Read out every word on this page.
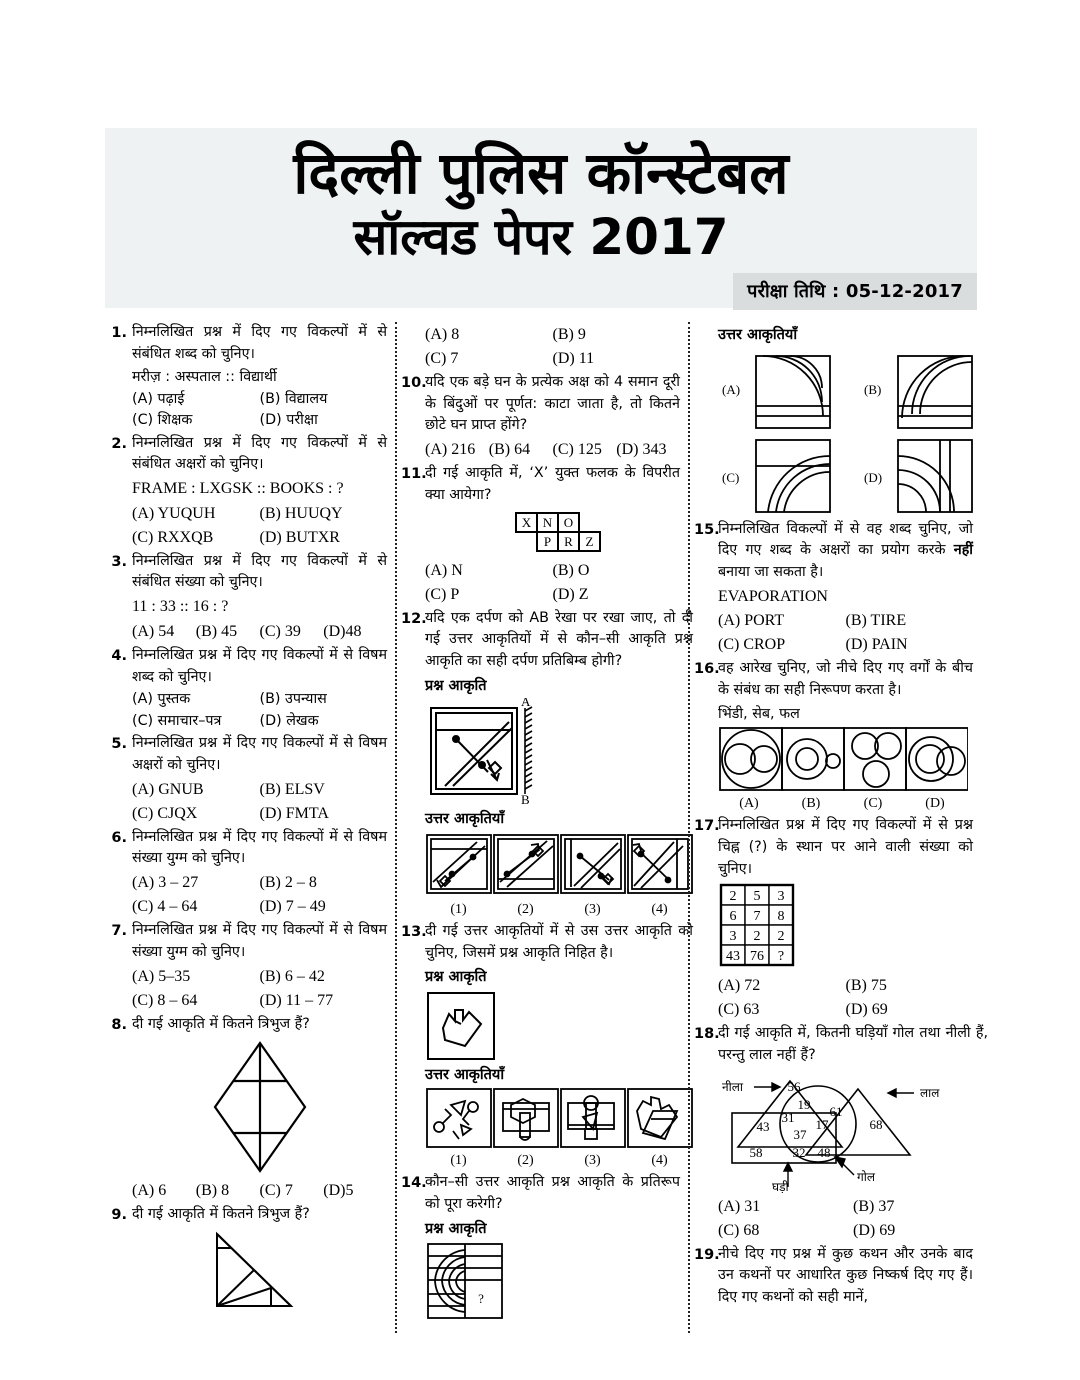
दिल्ली पुलिस कॉन्स्टेबल
सॉल्वड पेपर 2017
परीक्षा तिथि : 05-12-2017
1. निम्नलिखित प्रश्न में दिए गए विकल्पों में से संबंधित शब्द को चुनिए।
मरीज़ : अस्पताल :: विद्यार्थी
(A) पढ़ाई	(B) विद्यालय
(C) शिक्षक	(D) परीक्षा
2. निम्नलिखित प्रश्न में दिए गए विकल्पों में से संबंधित अक्षरों को चुनिए।
FRAME : LXGSK :: BOOKS : ?
(A) YUQUH	(B) HUUQY
(C) RXXQB	(D) BUTXR
3. निम्नलिखित प्रश्न में दिए गए विकल्पों में से संबंधित संख्या को चुनिए।
11 : 33 :: 16 : ?
(A) 54	(B) 45	(C) 39	(D)48
4. निम्नलिखित प्रश्न में दिए गए विकल्पों में से विषम शब्द को चुनिए।
(A) पुस्तक	(B) उपन्यास
(C) समाचार–पत्र	(D) लेखक
5. निम्नलिखित प्रश्न में दिए गए विकल्पों में से विषम अक्षरों को चुनिए।
(A) GNUB	(B) ELSV
(C) CJQX	(D) FMTA
6. निम्नलिखित प्रश्न में दिए गए विकल्पों में से विषम संख्या युग्म को चुनिए।
(A) 3 – 27	(B) 2 – 8
(C) 4 – 64	(D) 7 – 49
7. निम्नलिखित प्रश्न में दिए गए विकल्पों में से विषम संख्या युग्म को चुनिए।
(A) 5–35	(B) 6 – 42
(C) 8 – 64	(D) 11 – 77
8. दी गई आकृति में कितने त्रिभुज हैं?
(A) 6	(B) 8	(C) 7	(D)5
9. दी गई आकृति में कितने त्रिभुज हैं?
(A) 8	(B) 9
(C) 7	(D) 11
10.
यदि एक बड़े घन के प्रत्येक अक्ष को 4 समान दूरी के बिंदुओं पर पूर्णत: काटा जाता है, तो कितने छोटे घन प्राप्त होंगे?
(A) 216 (B) 64	(C) 125 (D) 343
11.
दी गई आकृति में, ‘X’ युक्त फलक के विपरीत क्या आयेगा?
X N O
P R Z
(A) N	(B) O
(C) P	(D) Z
12.
यदि एक दर्पण को AB रेखा पर रखा जाए, तो दी गई उत्तर आकृतियों में से कौन–सी आकृति प्रश्न आकृति का सही दर्पण प्रतिबिम्ब होगी?
प्रश्न आकृति
A
B
उत्तर आकृतियाँ
(1)	(2)	(3)	(4)
13.
दी गई उत्तर आकृतियों में से उस उत्तर आकृति को चुनिए, जिसमें प्रश्न आकृति निहित है।
प्रश्न आकृति
उत्तर आकृतियाँ
(1)	(2)	(3)	(4)
14.
कौन–सी उत्तर आकृति प्रश्न आकृति के प्रतिरूप को पूरा करेगी?
प्रश्न आकृति
?
उत्तर आकृतियाँ
(A)	(B)
(C)	(D)
15.
निम्नलिखित विकल्पों में से वह शब्द चुनिए, जो दिए गए शब्द के अक्षरों का प्रयोग करके नहीं बनाया जा सकता है।
EVAPORATION
(A) PORT	(B) TIRE
(C) CROP	(D) PAIN
16.
वह आरेख चुनिए, जो नीचे दिए गए वर्गों के बीच के संबंध का सही निरूपण करता है।
भिंडी, सेब, फल
(A)	(B)	(C)	(D)
17.
निम्नलिखित प्रश्न में दिए गए विकल्पों में से प्रश्न चिह्न (?) के स्थान पर आने वाली संख्या को चुनिए।
2 5 3
6 7 8
3 2 2
43 76 ?
(A) 72	(B) 75
(C) 63	(D) 69
18.
दी गई आकृति में, कितनी घड़ियाँ गोल तथा नीली हैं, परन्तु लाल नहीं हैं?
56
19 61
31 17	68
43
37
58 32 48
नीला	लाल
घड़ी
गोल
(A) 31	(B) 37
(C) 68	(D) 69
19.
नीचे दिए गए प्रश्न में कुछ कथन और उनके बाद उन कथनों पर आधारित कुछ निष्कर्ष दिए गए हैं। दिए गए कथनों को सही मानें,
